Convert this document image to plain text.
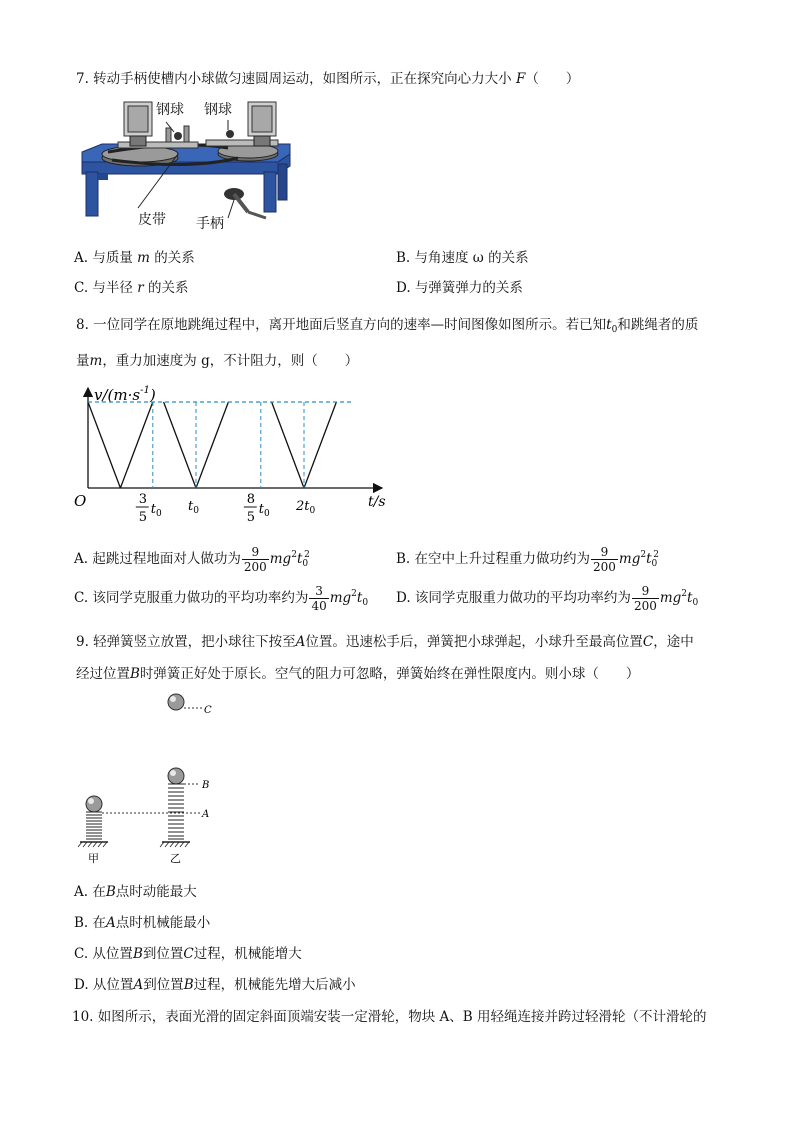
7. 转动手柄使槽内小球做匀速圆周运动，如图所示，正在探究向心力大小 F（　　）
钢球 钢球
皮带 手柄
A. 与质量 m 的关系	B. 与角速度 ω 的关系
C. 与半径 r 的关系	D. 与弹簧弹力的关系
8. 一位同学在原地跳绳过程中，离开地面后竖直方向的速率—时间图像如图所示。若已知$t_0$和跳绳者的质
量m，重力加速度为 g，不计阻力，则（　　）
$v/(m\cdot s^{-1})$
O	t/s
3
5
$t_0$ $t_0$
8
5
$t_0$ $2t_0$
A. 起跳过程地面对人做功为 $\frac{9}{200} mg^2t_0^2$	B. 在空中上升过程重力做功约为 $\frac{9}{200} mg^2t_0^2$
C. 该同学克服重力做功的平均功率约为 $\frac{3}{40} mg^2t_0$ D. 该同学克服重力做功的平均功率约为 $\frac{9}{200} mg^2t_0$
9. 轻弹簧竖立放置，把小球往下按至A位置。迅速松手后，弹簧把小球弹起，小球升至最高位置C，途中
经过位置B时弹簧正好处于原长。空气的阻力可忽略，弹簧始终在弹性限度内。则小球（　　）
C
甲	乙
B
A
A. 在B点时动能最大
B. 在A点时机械能最小
C. 从位置B到位置C过程，机械能增大
D. 从位置A到位置B过程，机械能先增大后减小
10. 如图所示，表面光滑的固定斜面顶端安装一定滑轮，物块 A、B 用轻绳连接并跨过轻滑轮（不计滑轮的
